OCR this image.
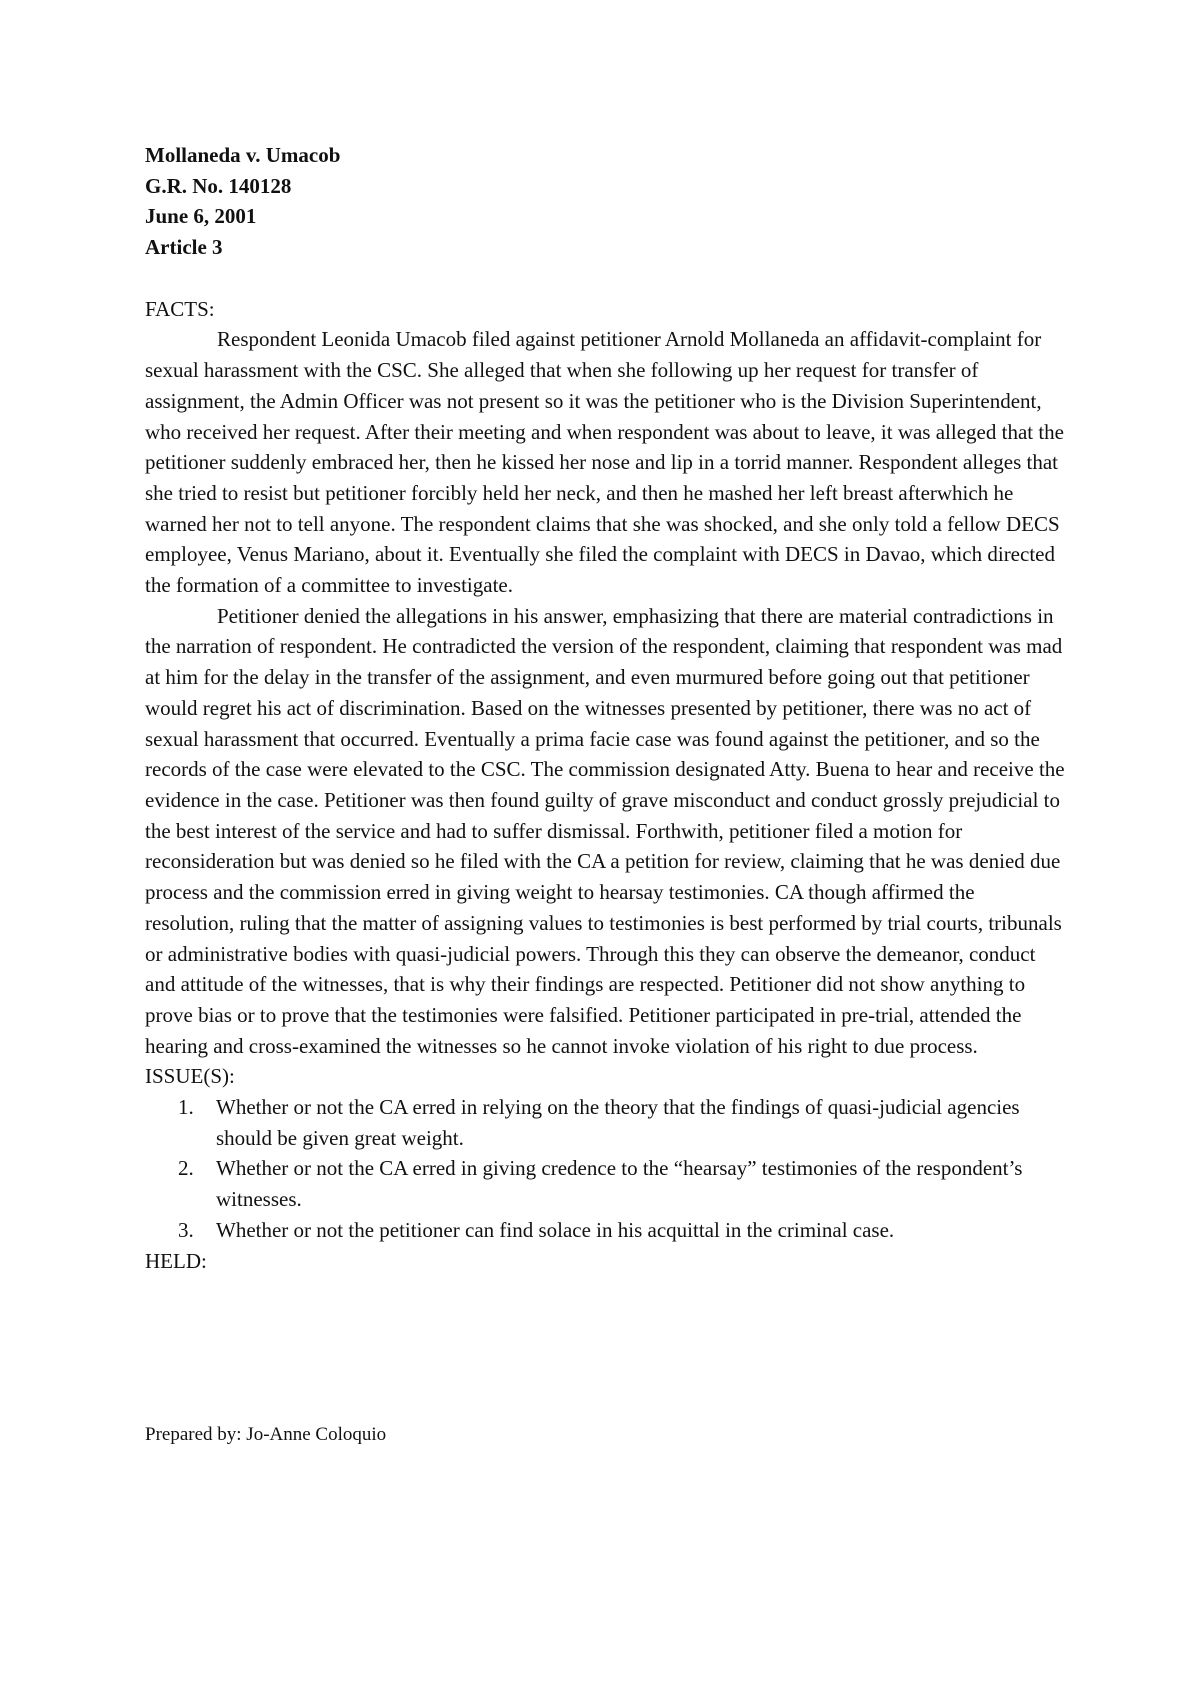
Mollaneda v. Umacob
G.R. No. 140128
June 6, 2001
Article 3
FACTS:

Respondent Leonida Umacob filed against petitioner Arnold Mollaneda an affidavit-complaint for sexual harassment with the CSC. She alleged that when she following up her request for transfer of assignment, the Admin Officer was not present so it was the petitioner who is the Division Superintendent, who received her request. After their meeting and when respondent was about to leave, it was alleged that the petitioner suddenly embraced her, then he kissed her nose and lip in a torrid manner. Respondent alleges that she tried to resist but petitioner forcibly held her neck, and then he mashed her left breast afterwhich he warned her not to tell anyone. The respondent claims that she was shocked, and she only told a fellow DECS employee, Venus Mariano, about it. Eventually she filed the complaint with DECS in Davao, which directed the formation of a committee to investigate.

Petitioner denied the allegations in his answer, emphasizing that there are material contradictions in the narration of respondent. He contradicted the version of the respondent, claiming that respondent was mad at him for the delay in the transfer of the assignment, and even murmured before going out that petitioner would regret his act of discrimination. Based on the witnesses presented by petitioner, there was no act of sexual harassment that occurred. Eventually a prima facie case was found against the petitioner, and so the records of the case were elevated to the CSC. The commission designated Atty. Buena to hear and receive the evidence in the case. Petitioner was then found guilty of grave misconduct and conduct grossly prejudicial to the best interest of the service and had to suffer dismissal. Forthwith, petitioner filed a motion for reconsideration but was denied so he filed with the CA a petition for review, claiming that he was denied due process and the commission erred in giving weight to hearsay testimonies. CA though affirmed the resolution, ruling that the matter of assigning values to testimonies is best performed by trial courts, tribunals or administrative bodies with quasi-judicial powers. Through this they can observe the demeanor, conduct and attitude of the witnesses, that is why their findings are respected. Petitioner did not show anything to prove bias or to prove that the testimonies were falsified. Petitioner participated in pre-trial, attended the hearing and cross-examined the witnesses so he cannot invoke violation of his right to due process.

ISSUE(S):
1.	Whether or not the CA erred in relying on the theory that the findings of quasi-judicial agencies should be given great weight.
2.	Whether or not the CA erred in giving credence to the “hearsay” testimonies of the respondent’s witnesses.
3.	Whether or not the petitioner can find solace in his acquittal in the criminal case.
HELD:
Prepared by: Jo-Anne Coloquio
